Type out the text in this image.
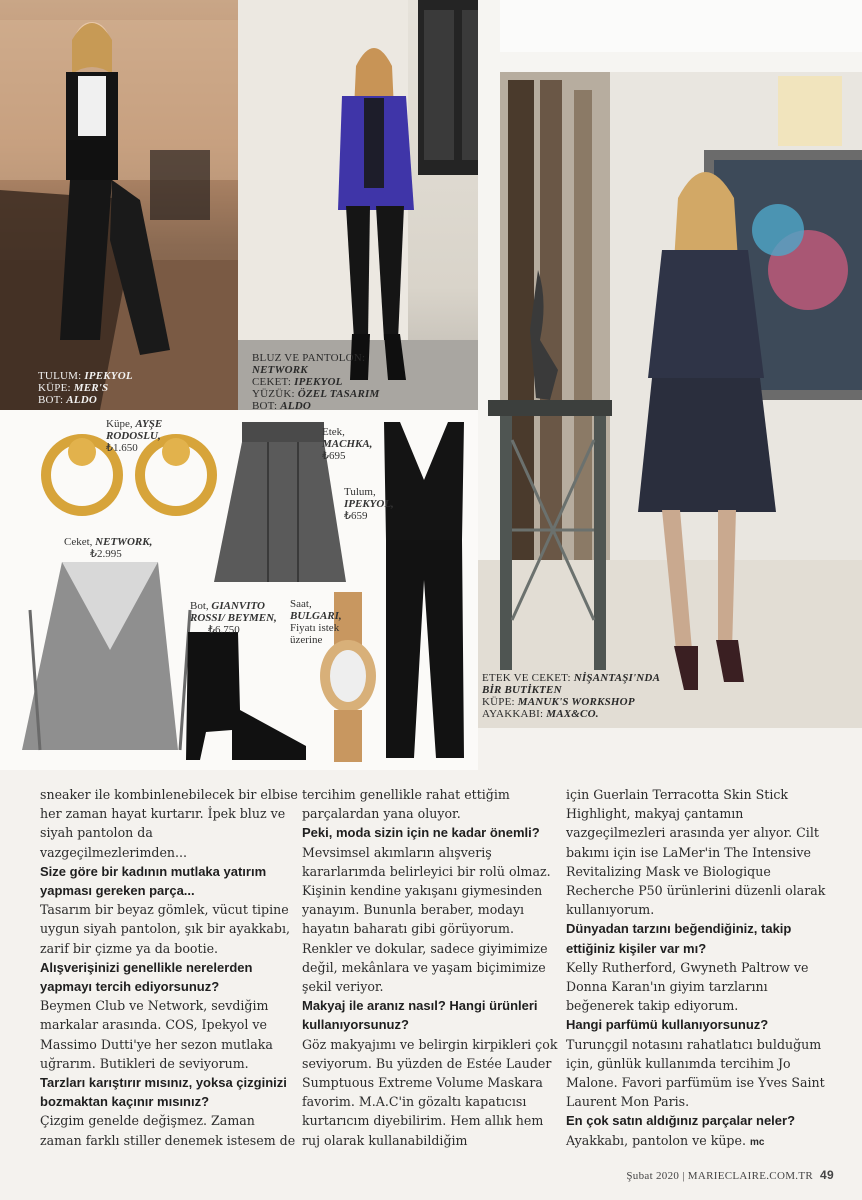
TULUM: IPEKYOL
KÜPE: MER'S
BOT: ALDO
BLUZ VE PANTOLON:
NETWORK
CEKET: IPEKYOL
YÜZÜK: ÖZEL TASARIM
BOT: ALDO
ETEK VE CEKET: NİŞANTAŞI'NDA
BİR BUTİKTEN
KÜPE: MANUK'S WORKSHOP
AYAKKABI: MAX&CO.
Küpe, AYŞE
RODOSLU,
₺1.650
Etek,
MACHKA,
₺695
Tulum,
IPEKYOL,
₺659
Ceket, NETWORK,
₺2.995
Bot, GIANVITO
ROSSI/ BEYMEN,
₺6.750
Saat,
BULGARI,
Fiyatı istek
üzerine

sneaker ile kombinlenebilecek bir elbise her zaman hayat kurtarır. İpek bluz ve siyah pantolon da vazgeçilmezlerimden...

Size göre bir kadının mutlaka yatırım yapması gereken parça...

Tasarım bir beyaz gömlek, vücut tipine uygun siyah pantolon, şık bir ayakkabı, zarif bir çizme ya da bootie.

Alışverişinizi genellikle nerelerden yapmayı tercih ediyorsunuz?

Beymen Club ve Network, sevdiğim markalar arasında. COS, Ipekyol ve Massimo Dutti'ye her sezon mutlaka uğrarım. Butikleri de seviyorum.

Tarzları karıştırır mısınız, yoksa çizginizi bozmaktan kaçınır mısınız?

Çizgim genelde değişmez. Zaman zaman farklı stiller denemek istesem de

tercihim genellikle rahat ettiğim parçalardan yana oluyor.

Peki, moda sizin için ne kadar önemli?

Mevsimsel akımların alışveriş kararlarımda belirleyici bir rolü olmaz. Kişinin kendine yakışanı giymesinden yanayım. Bununla beraber, modayı hayatın baharatı gibi görüyorum. Renkler ve dokular, sadece giyimimize değil, mekânlara ve yaşam biçimimize şekil veriyor.

Makyaj ile aranız nasıl? Hangi ürünleri kullanıyorsunuz?

Göz makyajımı ve belirgin kirpikleri çok seviyorum. Bu yüzden de Estée Lauder Sumptuous Extreme Volume Maskara favorim. M.A.C'in gözaltı kapatıcısı kurtarıcım diyebilirim. Hem allık hem ruj olarak kullanabildiğim

için Guerlain Terracotta Skin Stick Highlight, makyaj çantamın vazgeçilmezleri arasında yer alıyor. Cilt bakımı için ise LaMer'in The Intensive Revitalizing Mask ve Biologique Recherche P50 ürünlerini düzenli olarak kullanıyorum.

Dünyadan tarzını beğendiğiniz, takip ettiğiniz kişiler var mı?

Kelly Rutherford, Gwyneth Paltrow ve Donna Karan'ın giyim tarzlarını beğenerek takip ediyorum.

Hangi parfümü kullanıyorsunuz?

Turunçgil notasını rahatlatıcı bulduğum için, günlük kullanımda tercihim Jo Malone. Favori parfümüm ise Yves Saint Laurent Mon Paris.

En çok satın aldığınız parçalar neler?

Ayakkabı, pantolon ve küpe. mc

Şubat 2020 | MARIECLAIRE.COM.TR 49
